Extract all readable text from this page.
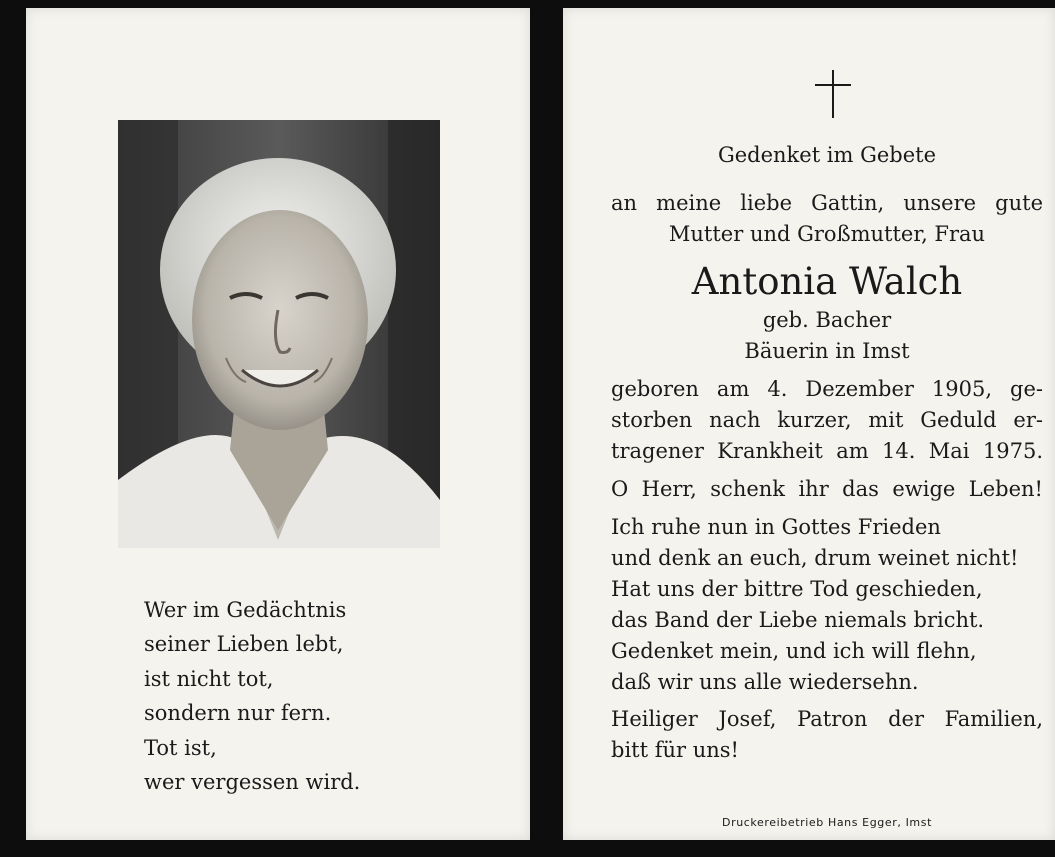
Wer im Gedächtnis
seiner Lieben lebt,
ist nicht tot,
sondern nur fern.
Tot ist,
wer vergessen wird.
Gedenket im Gebete
an meine liebe Gattin, unsere gute
Mutter und Großmutter, Frau
Antonia Walch
geb. Bacher
Bäuerin in Imst
geboren am 4. Dezember 1905, ge-
storben nach kurzer, mit Geduld er-
tragener Krankheit am 14. Mai 1975.
O Herr, schenk ihr das ewige Leben!
Ich ruhe nun in Gottes Frieden
und denk an euch, drum weinet nicht!
Hat uns der bittre Tod geschieden,
das Band der Liebe niemals bricht.
Gedenket mein, und ich will flehn,
daß wir uns alle wiedersehn.
Heiliger Josef, Patron der Familien,
bitt für uns!
Druckereibetrieb Hans Egger, Imst
